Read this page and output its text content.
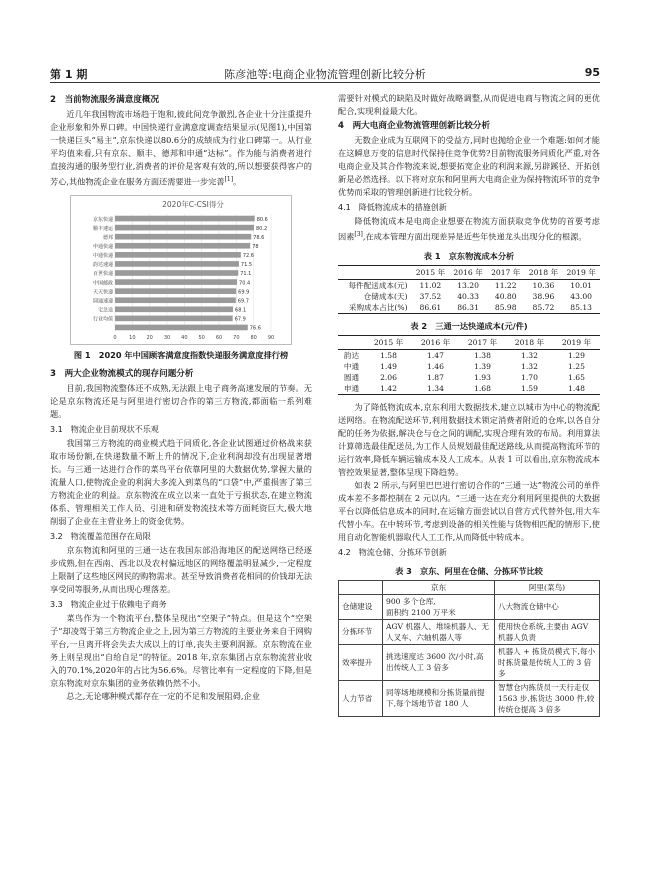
第 1 期	陈彦池等:电商企业物流管理创新比较分析	95
2　当前物流服务满意度概况

近几年我国物流市场趋于饱和,彼此间竞争激烈,各企业十分注重提升企业形象和外界口碑。中国快递行业满意度调查结果显示(见图1),中国第一快递巨头“易主”,京东快递以80.6分的成绩成为行业口碑第一。从行业平均值来看,只有京东、顺丰、德邦和申通“达标”。作为能与消费者进行直接沟通的服务型行业,消费者的评价是客观有效的,所以想要获得客户的芳心,其他物流企业在服务方面还需要进一步完善[1]。

2020年C-CSI得分
80.6
京东快递
80.2
顺丰速运
78.6
德邦
78
申通快递
72.6
中通快递
71.5
韵达速递
71.1
百世快递
70.4
中国邮政
69.9
天天快递
69.7
圆通速递
68.1
宅急送
67.9
行业均值
76.6
0	10 20 30 40 50 60 70 80 90
图 1　2020 年中国顾客满意度指数快递服务满意度排行榜
3　两大企业物流模式的现存问题分析

目前,我国物流整体还不成熟,无法跟上电子商务高速发展的节奏。无论是京东物流还是与阿里进行密切合作的第三方物流,都面临一系列难题。

3.1　物流企业目前现状不乐观

我国第三方物流的商业模式趋于同质化,各企业试图通过价格战来获取市场份额,在快递数量不断上升的情况下,企业利润却没有出现显著增长。与三通一达进行合作的菜鸟平台依靠阿里的大数据优势,掌握大量的流量人口,使物流企业的利润大多流入到菜鸟的“口袋”中,严重损害了第三方物流企业的利益。京东物流在成立以来一直处于亏损状态,在建立物流体系、管理相关工作人员、引进和研发物流技术等方面耗资巨大,极大地削弱了企业在主营业务上的资金优势。

3.2　物流覆盖范围存在局限

京东物流和阿里的三通一达在我国东部沿海地区的配送网络已经逐步成熟,但在西南、西北以及农村偏远地区的网络覆盖明显减少,一定程度上限制了这些地区网民的购物需求。甚至导致消费者花相同的价钱却无法享受同等服务,从而出现心理落差。

3.3　物流企业过于依赖电子商务

菜鸟作为一个物流平台,整体呈现出“空架子”特点。但是这个“空架子”却凌驾于第三方物流企业之上,因为第三方物流的主要业务来自于网购平台,一旦离开将会失去大成以上的订单,丧失主要利润源。京东物流在业务上则呈现出“自给自足”的特征。2018 年,京东集团占京东物流营业收入的70.1%,2020年的占比为56.6%。尽管比率有一定程度的下降,但是京东物流对京东集团的业务依赖仍然不小。

总之,无论哪种模式都存在一定的不足和发展阻碍,企业

需要针对模式的缺陷及时做好战略调整,从而促进电商与物流之间的更优配合,实现利益最大化。

4　两大电商企业物流管理创新比较分析

无数企业成为互联网下的受益方,同时也抛给企业一个难题:如何才能在这瞬息万变的信息时代保持住竞争优势?目前物流服务同质化严重,对各电商企业及其合作物流来说,想要拓宽企业的利润来源,另辟蹊径、开拓创新是必然选择。以下将对京东和阿里两大电商企业为保持物流环节的竞争优势而采取的管理创新进行比较分析。

4.1　降低物流成本的措施创新

降低物流成本是电商企业想要在物流方面获取竞争优势的首要考虑因素[3],在成本管理方面出现差异是近些年快递龙头出现分化的根源。

表 1　京东物流成本分析
	2015 年	2016 年	2017 年	2018 年	2019 年
每件配送成本(元)	11.02	13.20	11.22	10.36	10.01
仓储成本(天)	37.52	40.33	40.80	38.96	43.00
采购成本占比(%)	86.61	86.31	85.98	85.72	85.13
表 2　三通一达快递成本(元/件)
	2015 年	2016 年	2017 年	2018 年	2019 年
韵达	1.58	1.47	1.38	1.32	1.29
中通	1.49	1.46	1.39	1.32	1.25
圆通	2.06	1.87	1.93	1.70	1.65
申通	1.42	1.34	1.68	1.59	1.48

为了降低物流成本,京东利用大数据技术,建立以城市为中心的物流配送网络。在物流配送环节,利用数据技术锁定消费者附近的仓库,以各自分配的任务为依据,解决仓与仓之间的调配,实现合理有效的布局。利用算法计算筛选最佳配送员,为工作人员规划最佳配送路线,从而提高物流环节的运行效率,降低车辆运输成本及人工成本。从表 1 可以看出,京东物流成本管控效果显著,整体呈现下降趋势。

如表 2 所示,与阿里巴巴进行密切合作的“三通一达”物流公司的单件成本差不多都控制在 2 元以内。“三通一达在充分利用阿里提供的大数据平台以降低信息成本的同时,在运输方面尝试以自营方式代替外包,用大车代替小车。在中转环节,考虑到设备的相关性能与货物相匹配的情形下,使用自动化智能机器取代人工工作,从而降低中转成本。

4.2　物流仓储、分拣环节创新
表 3　京东、阿里在仓储、分拣环节比较
	京东	阿里(菜鸟)
仓储建设	900 多个仓库,
面积约 2100 万平米	八大物流仓储中心
分拣环节	AGV 机器人、堆垛机器人、无人叉车、六轴机器人等	使用快仓系统,主要由 AGV 机器人负责
效率提升	挑选速度达 3600 次/小时,高出传统人工 3 倍多	机器人 + 拣货员模式下,每小时拣货量是传统人工的 3 倍多
人力节省	同等场地规模和分拣货量前提下,每个场地节省 180 人	智慧仓内拣货员一天行走仅1563 步,拣货达 3000 件,较传统仓提高 3 倍多
